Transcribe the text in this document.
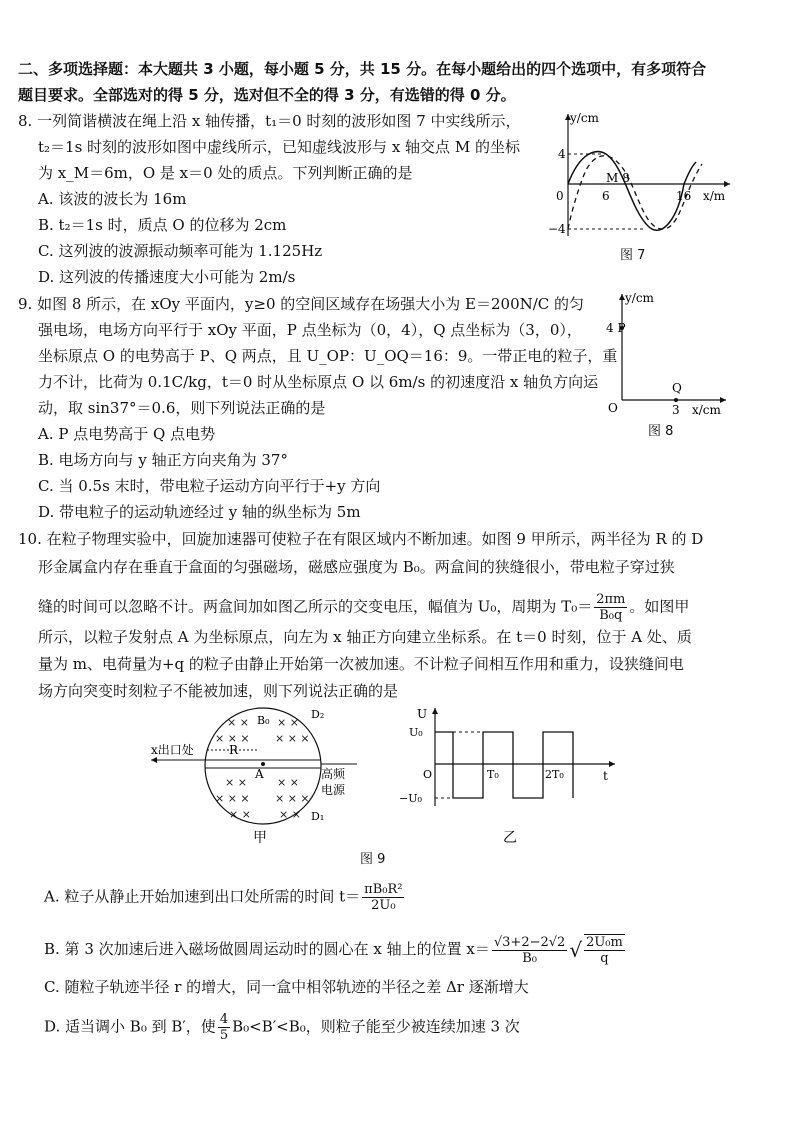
二、多项选择题：本大题共 3 小题，每小题 5 分，共 15 分。在每小题给出的四个选项中，有多项符合
题目要求。全部选对的得 5 分，选对但不全的得 3 分，有选错的得 0 分。
8. 一列简谐横波在绳上沿 x 轴传播，t₁＝0 时刻的波形如图 7 中实线所示，
t₂＝1s 时刻的波形如图中虚线所示，已知虚线波形与 x 轴交点 M 的坐标
为 x_M＝6m，O 是 x＝0 处的质点。下列判断正确的是
A. 该波的波长为 16m
B. t₂＝1s 时，质点 O 的位移为 2cm
C. 这列波的波源振动频率可能为 1.125Hz
D. 这列波的传播速度大小可能为 2m/s
y/cm
4
−4
0	6
M 8
16 x/m
图 7
9. 如图 8 所示，在 xOy 平面内，y≥0 的空间区域存在场强大小为 E＝200N/C 的匀
强电场，电场方向平行于 xOy 平面，P 点坐标为（0，4），Q 点坐标为（3，0），
坐标原点 O 的电势高于 P、Q 两点，且 U_OP：U_OQ＝16：9。一带正电的粒子，重
力不计，比荷为 0.1C/kg，t＝0 时从坐标原点 O 以 6m/s 的初速度沿 x 轴负方向运
动，取 sin37°＝0.6，则下列说法正确的是
A. P 点电势高于 Q 点电势
B. 电场方向与 y 轴正方向夹角为 37°
C. 当 0.5s 末时，带电粒子运动方向平行于+y 方向
D. 带电粒子的运动轨迹经过 y 轴的纵坐标为 5m
y/cm
4 P
O
Q
3 x/cm
图 8
10. 在粒子物理实验中，回旋加速器可使粒子在有限区域内不断加速。如图 9 甲所示，两半径为 R 的 D
形金属盒内存在垂直于盒面的匀强磁场，磁感应强度为 B₀。两盒间的狭缝很小，带电粒子穿过狭
缝的时间可以忽略不计。两盒间加如图乙所示的交变电压，幅值为 U₀，周期为 $T_0= \frac{2\pi m}{\text{B₀q}}$ 。如图甲
所示，以粒子发射点 A 为坐标原点，向左为 x 轴正方向建立坐标系。在 t＝0 时刻，位于 A 处、质
量为 m、电荷量为+q 的粒子由静止开始第一次被加速。不计粒子间相互作用和重力，设狭缝间电
场方向突变时刻粒子不能被加速，则下列说法正确的是
× ×	× ×
× × × × × ×
× ×	× ×
× × × × × ×
× ×	× ×
x出口处	R
A
B₀	D₂
D₁
高频
电源
甲
U
U₀
−U₀
O	T₀	2T₀	t
乙
图 9
A. 粒子从静止开始加速到出口处所需的时间 $t= \frac{\text{πB₀R²}}{\text{2U₀}}$
B. 第 3 次加速后进入磁场做圆周运动时的圆心在 x 轴上的位置 $x= \frac{√3+2-2√2}{\text{B₀}}$ √ $\frac{\text{2U₀m}}{q}$
C. 随粒子轨迹半径 r 的增大，同一盒中相邻轨迹的半径之差 Δr 逐渐增大
D. 适当调小 B₀ 到 B′，使 $\frac{4}{5} B_0<B'<B_0$，则粒子能至少被连续加速 3 次
